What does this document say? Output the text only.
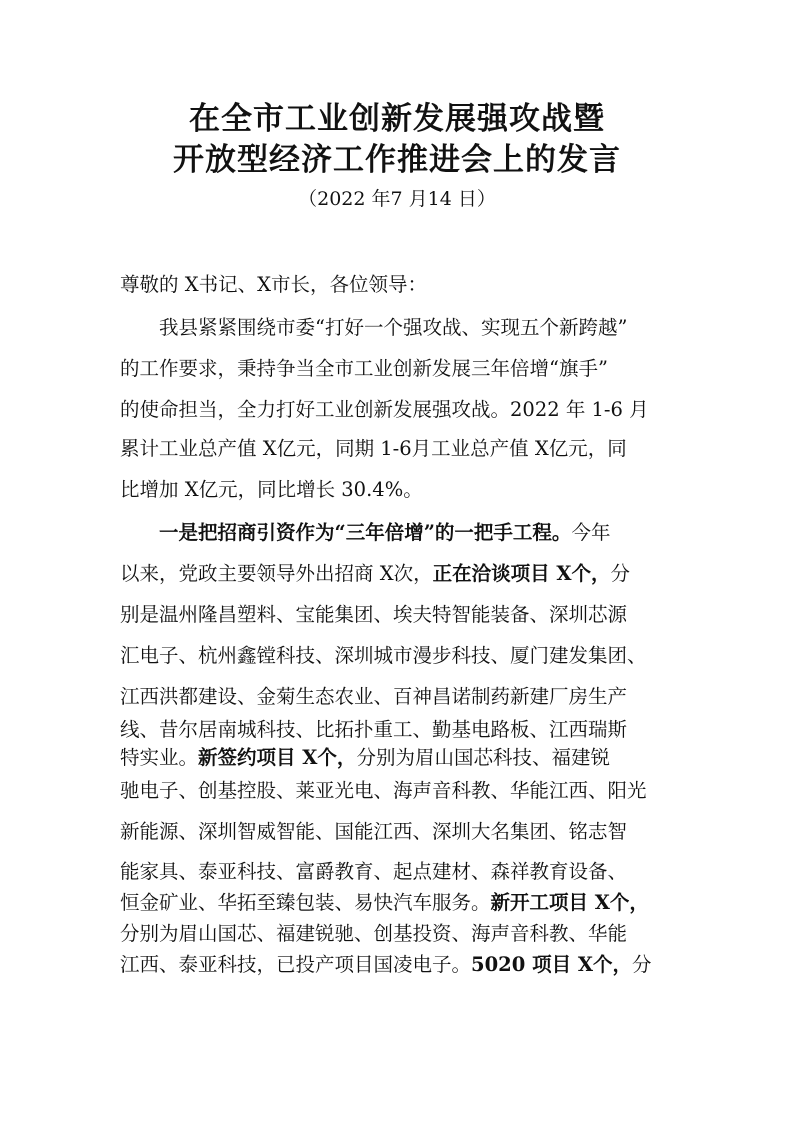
在全市工业创新发展强攻战暨
开放型经济工作推进会上的发言
（2022 年7 月14 日）
尊敬的 X书记、X市长，各位领导：
　　我县紧紧围绕市委“打好一个强攻战、实现五个新跨越”
的工作要求，秉持争当全市工业创新发展三年倍增“旗手”
的使命担当，全力打好工业创新发展强攻战。2022 年 1-6 月
累计工业总产值 X亿元，同期 1-6月工业总产值 X亿元，同
比增加 X亿元，同比增长 30.4%。
　　一是把招商引资作为“三年倍增”的一把手工程。今年
以来，党政主要领导外出招商 X次，正在洽谈项目 X个，分
别是温州隆昌塑料、宝能集团、埃夫特智能装备、深圳芯源
汇电子、杭州鑫镗科技、深圳城市漫步科技、厦门建发集团、
江西洪都建设、金菊生态农业、百神昌诺制药新建厂房生产
线、昔尔居南城科技、比拓扑重工、勤基电路板、江西瑞斯
特实业。新签约项目 X个，分别为眉山国芯科技、福建锐
驰电子、创基控股、莱亚光电、海声音科教、华能江西、阳光
新能源、深圳智威智能、国能江西、深圳大名集团、铭志智
能家具、泰亚科技、富爵教育、起点建材、森祥教育设备、
恒金矿业、华拓至臻包装、易快汽车服务。新开工项目 X个，
分别为眉山国芯、福建锐驰、创基投资、海声音科教、华能
江西、泰亚科技，已投产项目国凌电子。5020 项目 X个，分
